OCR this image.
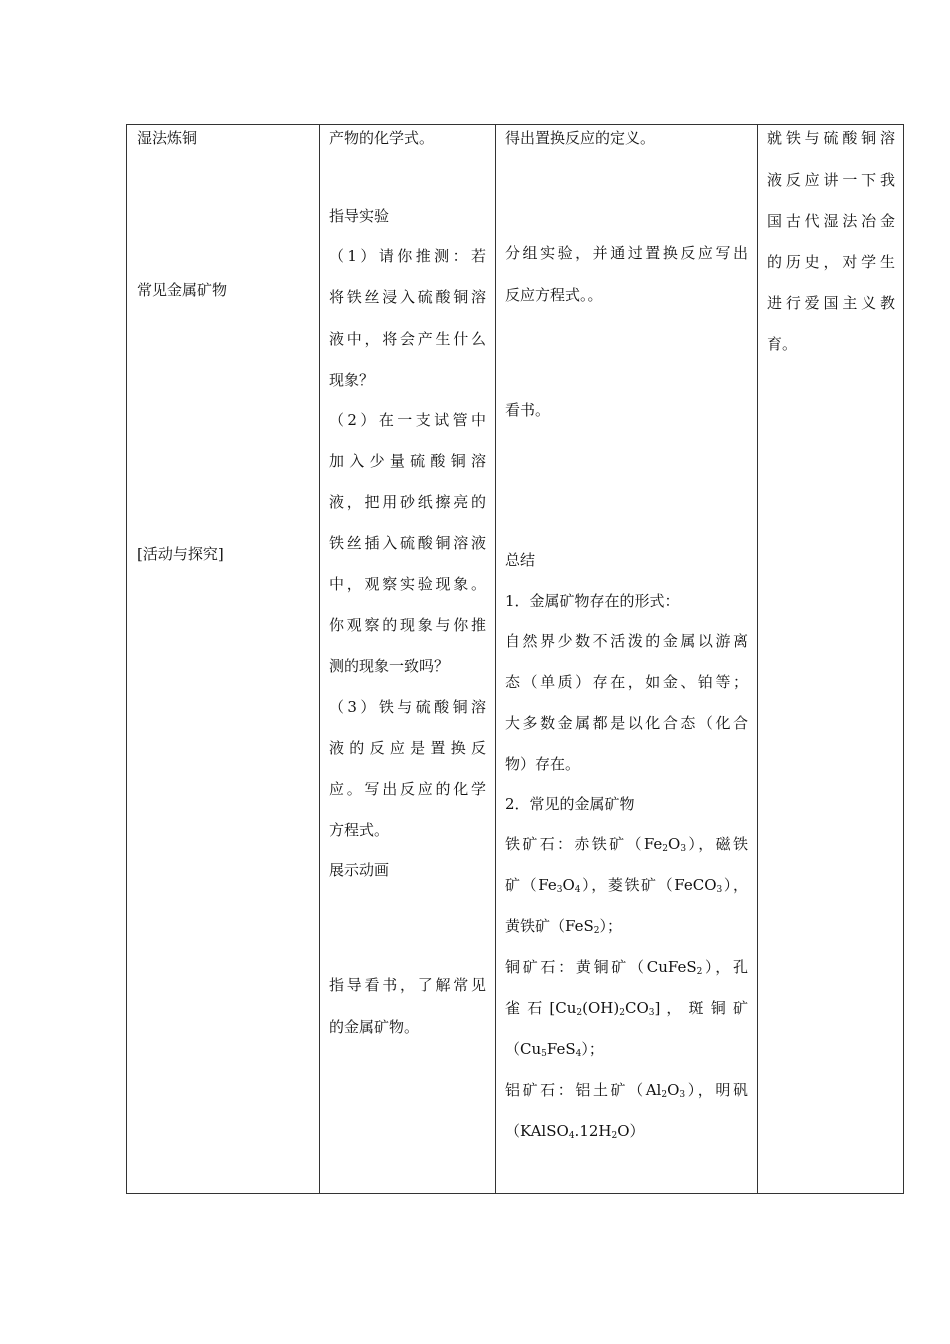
湿法炼铜
常见金属矿物
[活动与探究]
产物的化学式。
指导实验
（1）请你推测：若
将铁丝浸入硫酸铜溶
液中，将会产生什么
现象？
（2）在一支试管中
加入少量硫酸铜溶
液，把用砂纸擦亮的
铁丝插入硫酸铜溶液
中，观察实验现象。
你观察的现象与你推
测的现象一致吗？
（3）铁与硫酸铜溶
液的反应是置换反
应。写出反应的化学
方程式。
展示动画
指导看书，了解常见
的金属矿物。
得出置换反应的定义。
分组实验，并通过置换反应写出
反应方程式。。
看书。
总结
1．金属矿物存在的形式：
自然界少数不活泼的金属以游离
态（单质）存在，如金、铂等；
大多数金属都是以化合态（化合
物）存在。
2．常见的金属矿物
铁矿石：赤铁矿$(Fe_2O_3)$，磁铁
矿$(Fe_3O_4)$，菱铁矿（FeCO$_3$），
黄铁矿（FeS$_2$）；
铜矿石：黄铜矿（CuFeS$_2$），孔
雀 石 $[Cu_2(OH)_2CO_3]$ ， 斑 铜 矿
$(Cu_5FeS_4)$；
铝矿石：铝土矿$(Al_2O_3)$，明矾
$(KAlSO_4.12H_2O)$
就铁与硫酸铜溶
液反应讲一下我
国古代湿法冶金
的历史，对学生
进行爱国主义教
育。
